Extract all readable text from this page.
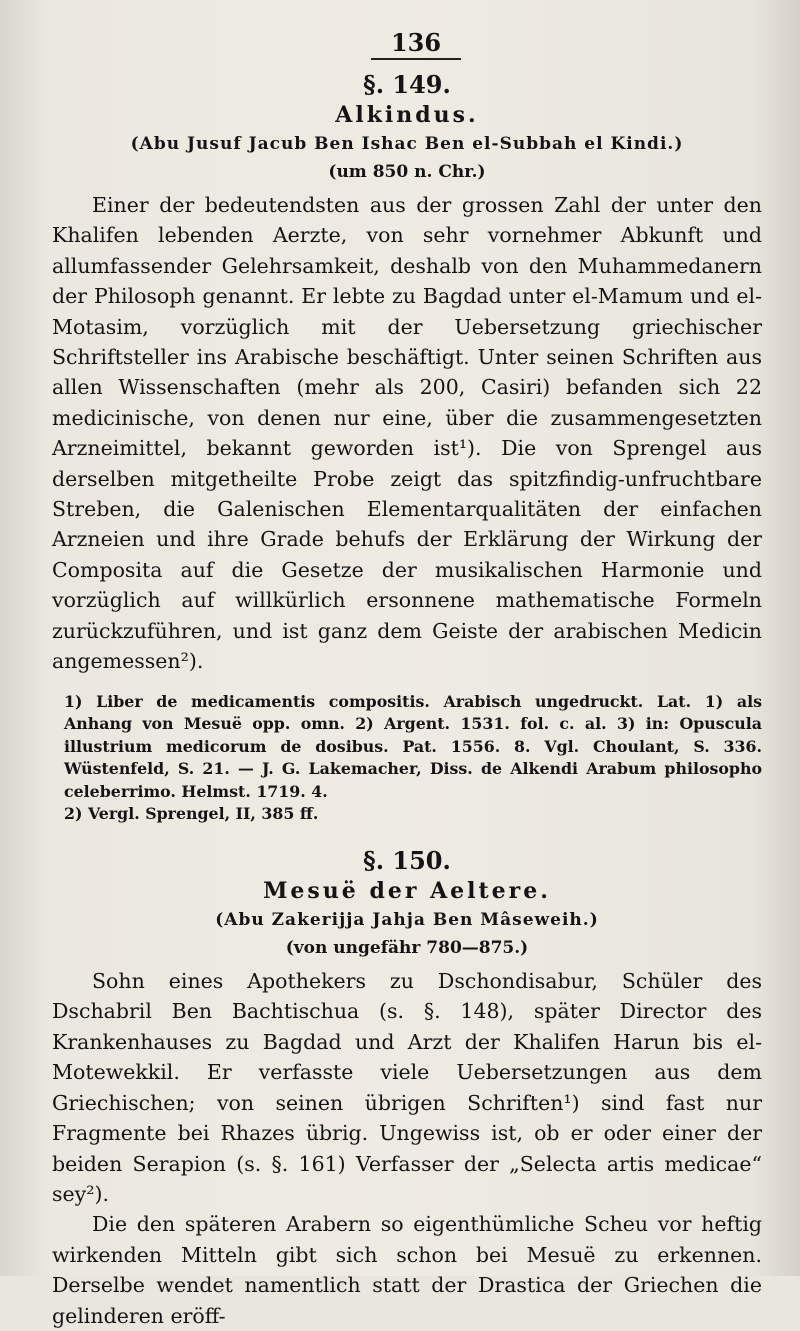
136
§. 149.
Alkindus.
(Abu Jusuf Jacub Ben Ishac Ben el-Subbah el Kindi.)
(um 850 n. Chr.)

Einer der bedeutendsten aus der grossen Zahl der unter den Khalifen lebenden Aerzte, von sehr vornehmer Abkunft und allumfassender Gelehrsamkeit, deshalb von den Muhammedanern der Philosoph genannt. Er lebte zu Bagdad unter el-Mamum und el-Motasim, vorzüglich mit der Uebersetzung griechischer Schriftsteller ins Arabische beschäftigt. Unter seinen Schriften aus allen Wissenschaften (mehr als 200, Casiri) befanden sich 22 medicinische, von denen nur eine, über die zusammengesetzten Arzneimittel, bekannt geworden ist¹). Die von Sprengel aus derselben mitgetheilte Probe zeigt das spitzfindig-unfruchtbare Streben, die Galenischen Elementarqualitäten der einfachen Arzneien und ihre Grade behufs der Erklärung der Wirkung der Composita auf die Gesetze der musikalischen Harmonie und vorzüglich auf willkürlich ersonnene mathematische Formeln zurückzuführen, und ist ganz dem Geiste der arabischen Medicin angemessen²).

1) Liber de medicamentis compositis. Arabisch ungedruckt. Lat. 1) als Anhang von Mesuë opp. omn. 2) Argent. 1531. fol. c. al. 3) in: Opuscula illustrium medicorum de dosibus. Pat. 1556. 8. Vgl. Choulant, S. 336. Wüstenfeld, S. 21. — J. G. Lakemacher, Diss. de Alkendi Arabum philosopho celeberrimo. Helmst. 1719. 4.

2) Vergl. Sprengel, II, 385 ff.

§. 150.
Mesuë der Aeltere.
(Abu Zakerijja Jahja Ben Mâseweih.)
(von ungefähr 780—875.)

Sohn eines Apothekers zu Dschondisabur, Schüler des Dschabril Ben Bachtischua (s. §. 148), später Director des Krankenhauses zu Bagdad und Arzt der Khalifen Harun bis el-Motewekkil. Er verfasste viele Uebersetzungen aus dem Griechischen; von seinen übrigen Schriften¹) sind fast nur Fragmente bei Rhazes übrig. Ungewiss ist, ob er oder einer der beiden Serapion (s. §. 161) Verfasser der „Selecta artis medicae“ sey²).

Die den späteren Arabern so eigenthümliche Scheu vor heftig wirkenden Mitteln gibt sich schon bei Mesuë zu erkennen. Derselbe wendet namentlich statt der Drastica der Griechen die gelinderen eröff-
